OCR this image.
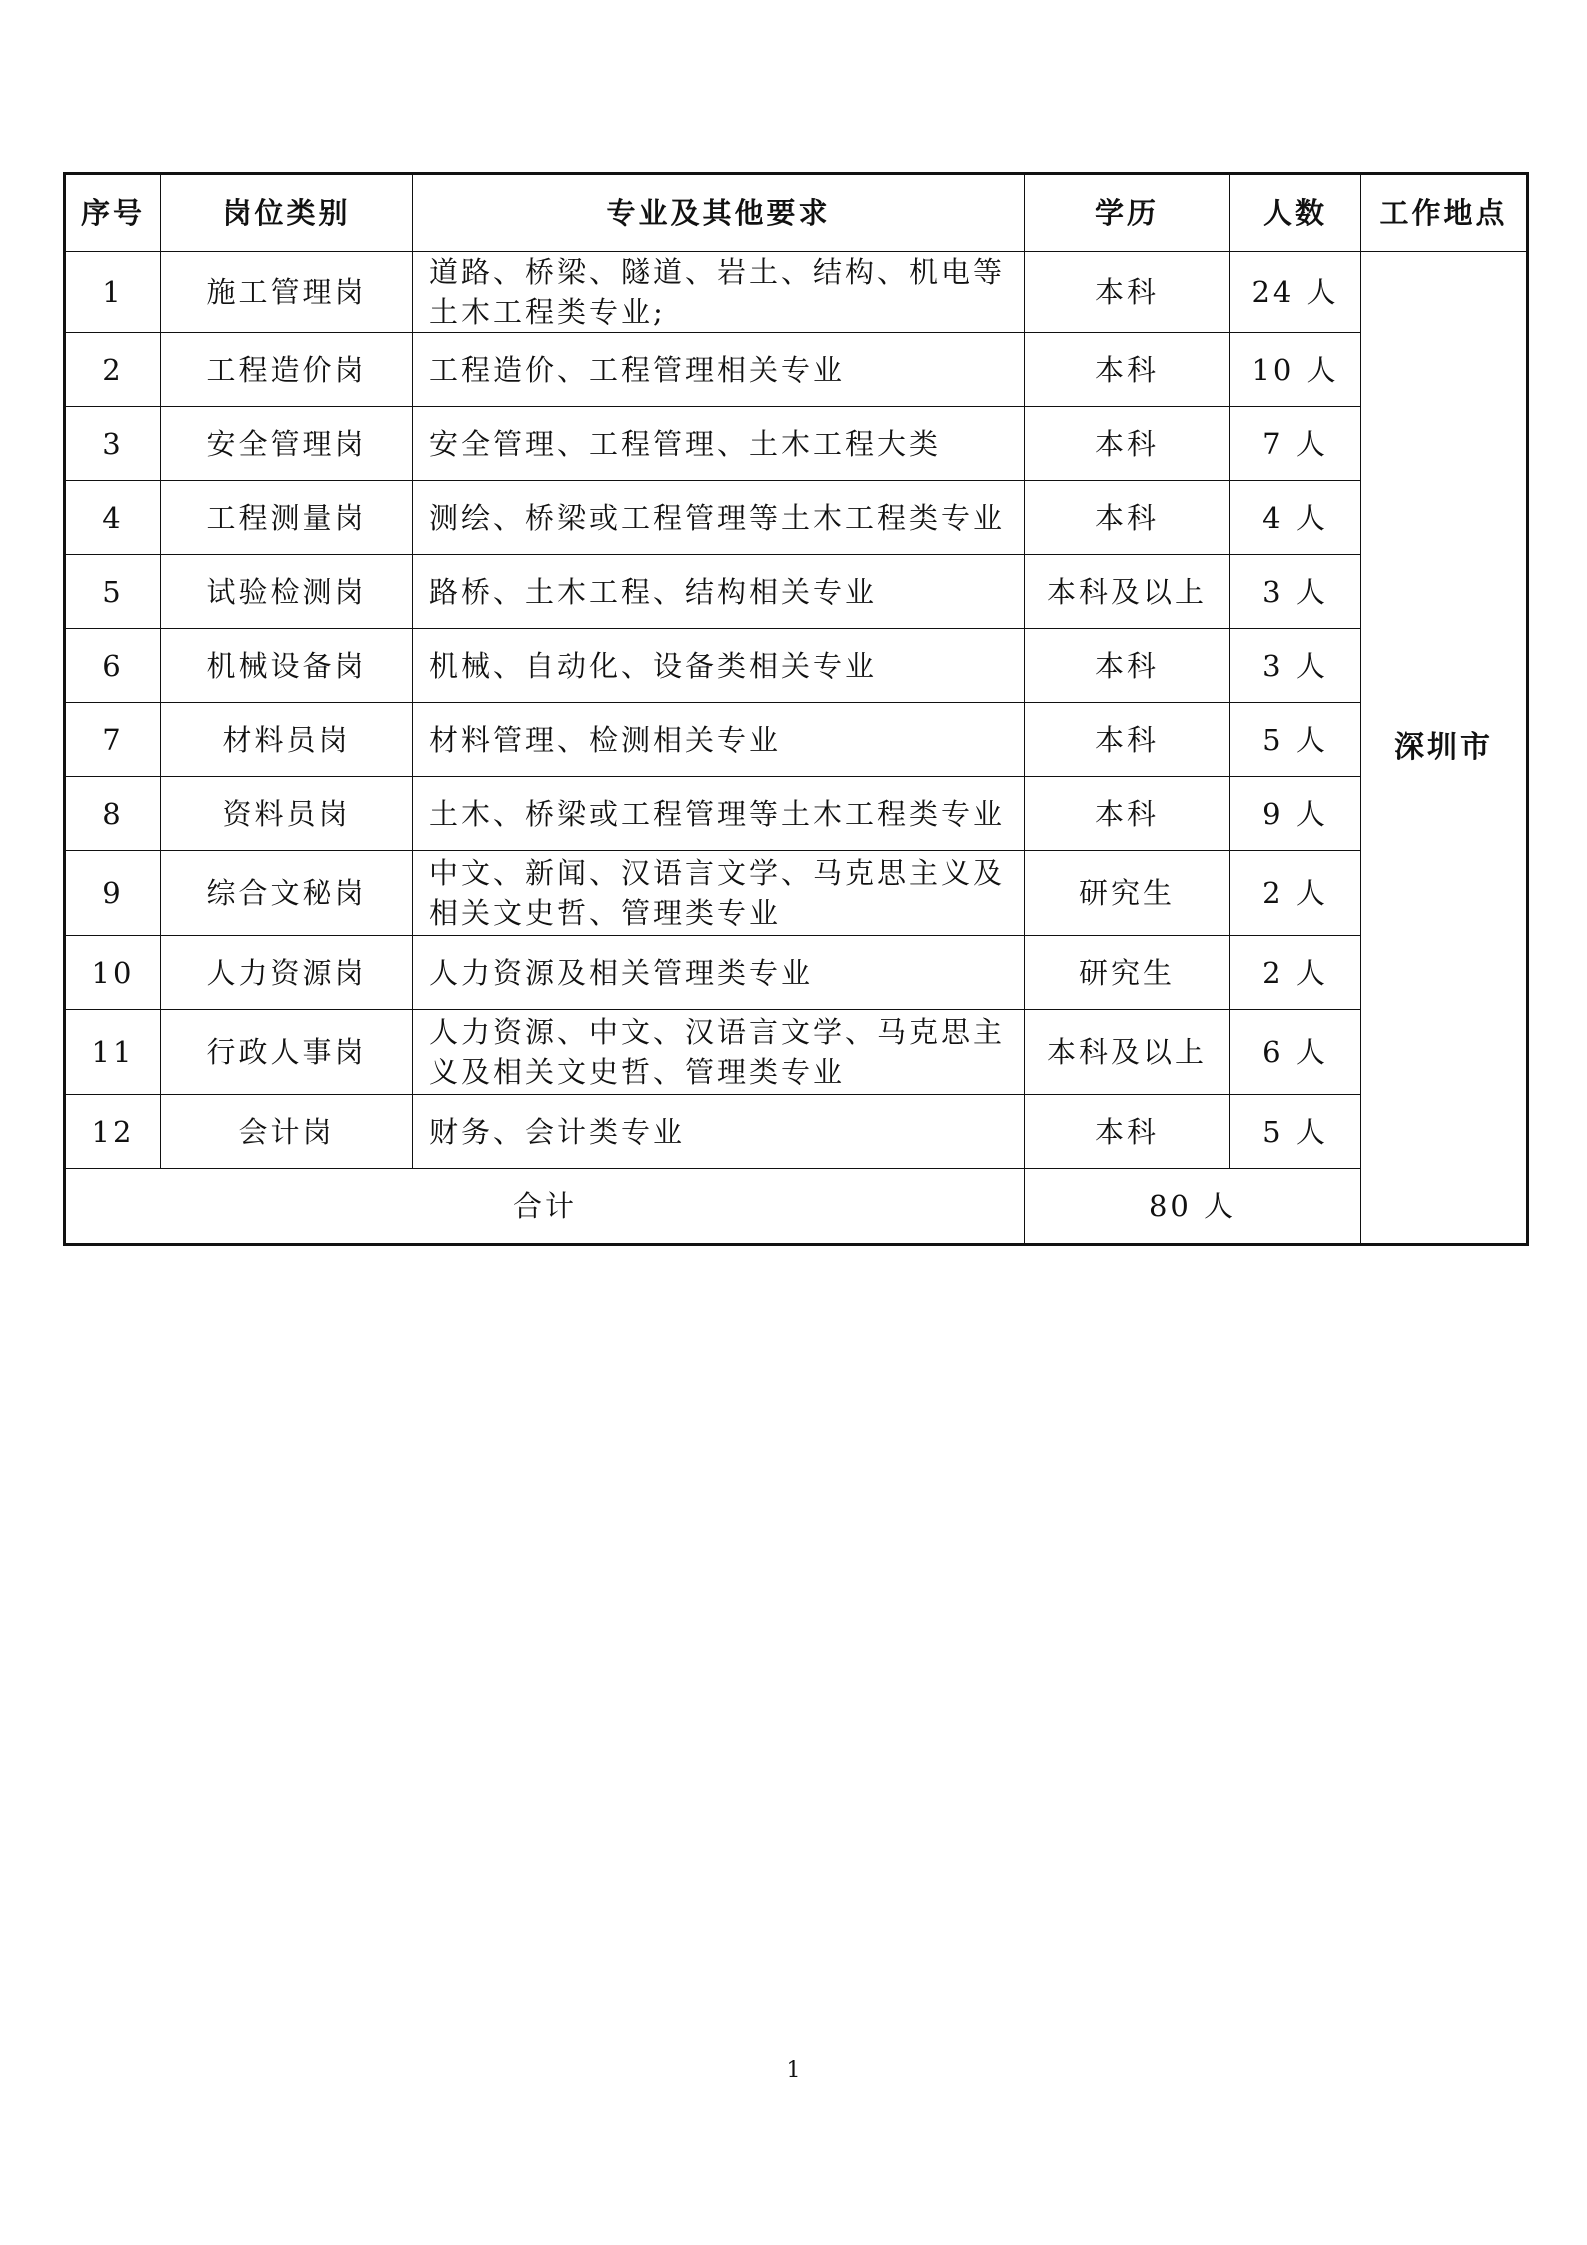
序号	岗位类别	专业及其他要求	学历	人数	工作地点
1	施工管理岗	道路、桥梁、隧道、岩土、结构、机电等土木工程类专业;	本科	24 人	深圳市
2	工程造价岗	工程造价、工程管理相关专业	本科	10 人	
3	安全管理岗	安全管理、工程管理、土木工程大类	本科	7 人	
4	工程测量岗	测绘、桥梁或工程管理等土木工程类专业	本科	4 人	
5	试验检测岗	路桥、土木工程、结构相关专业	本科及以上	3 人	
6	机械设备岗	机械、自动化、设备类相关专业	本科	3 人	
7	材料员岗	材料管理、检测相关专业	本科	5 人	
8	资料员岗	土木、桥梁或工程管理等土木工程类专业	本科	9 人	
9	综合文秘岗	中文、新闻、汉语言文学、马克思主义及相关文史哲、管理类专业	研究生	2 人	
10	人力资源岗	人力资源及相关管理类专业	研究生	2 人	
11	行政人事岗	人力资源、中文、汉语言文学、马克思主义及相关文史哲、管理类专业	本科及以上	6 人	
12	会计岗	财务、会计类专业	本科	5 人	
合计			80 人		
1
